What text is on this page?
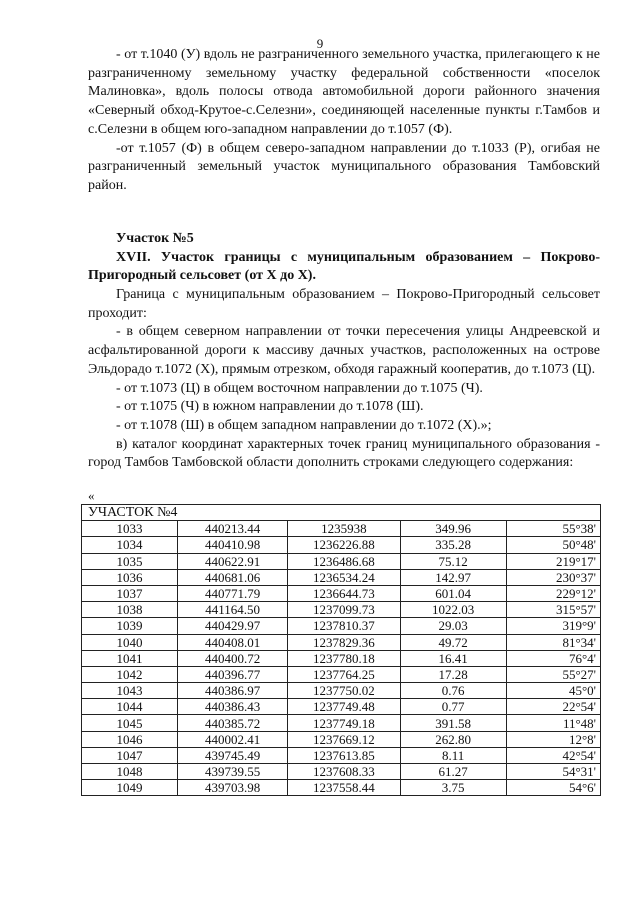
9

- от т.1040 (У) вдоль не разграниченного земельного участка, прилегающего к не разграниченному земельному участку федеральной собственности «поселок Малиновка», вдоль полосы отвода автомобильной дороги районного значения «Северный обход-Крутое-с.Селезни», соединяющей населенные пункты г.Тамбов и с.Селезни в общем юго-западном направлении до т.1057 (Ф).

-от т.1057 (Ф) в общем северо-западном направлении до т.1033 (Р), огибая не разграниченный земельный участок муниципального образования Тамбовский район.

Участок №5

XVII. Участок границы с муниципальным образованием – Покрово-Пригородный сельсовет (от X до X).

Граница с муниципальным образованием – Покрово-Пригородный сельсовет проходит:

- в общем северном направлении от точки пересечения улицы Андреевской и асфальтированной дороги к массиву дачных участков, расположенных на острове Эльдорадо т.1072 (X), прямым отрезком, обходя гаражный кооператив, до т.1073 (Ц).

- от т.1073 (Ц) в общем восточном направлении до т.1075 (Ч).

- от т.1075 (Ч) в южном направлении до т.1078 (Ш).

- от т.1078 (Ш) в общем западном направлении до т.1072 (X).»;

в) каталог координат характерных точек границ муниципального образования - город Тамбов Тамбовской области дополнить строками следующего содержания:

«
УЧАСТОК №4				
1033	440213.44	1235938	349.96	55°38'
1034	440410.98	1236226.88	335.28	50°48'
1035	440622.91	1236486.68	75.12	219°17'
1036	440681.06	1236534.24	142.97	230°37'
1037	440771.79	1236644.73	601.04	229°12'
1038	441164.50	1237099.73	1022.03	315°57'
1039	440429.97	1237810.37	29.03	319°9'
1040	440408.01	1237829.36	49.72	81°34'
1041	440400.72	1237780.18	16.41	76°4'
1042	440396.77	1237764.25	17.28	55°27'
1043	440386.97	1237750.02	0.76	45°0'
1044	440386.43	1237749.48	0.77	22°54'
1045	440385.72	1237749.18	391.58	11°48'
1046	440002.41	1237669.12	262.80	12°8'
1047	439745.49	1237613.85	8.11	42°54'
1048	439739.55	1237608.33	61.27	54°31'
1049	439703.98	1237558.44	3.75	54°6'
